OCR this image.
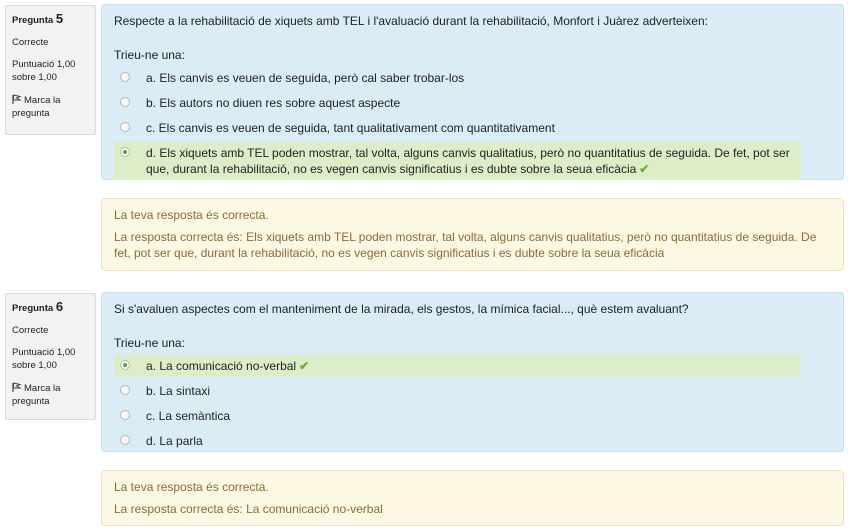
Pregunta 5
Correcte
Puntuació 1,00 sobre 1,00
Marca la pregunta
Respecte a la rehabilitació de xiquets amb TEL i l'avaluació durant la rehabilitació, Monfort i Juàrez adverteixen:
Trieu-ne una:
a. Els canvis es veuen de seguida, però cal saber trobar-los
b. Els autors no diuen res sobre aquest aspecte
c. Els canvis es veuen de seguida, tant qualitativament com quantitativament
d. Els xiquets amb TEL poden mostrar, tal volta, alguns canvis qualitatius, però no quantitatius de seguida. De fet, pot ser que, durant la rehabilitació, no es vegen canvis significatius i es dubte sobre la seua eficàcia ✔
La teva resposta és correcta.
La resposta correcta és: Els xiquets amb TEL poden mostrar, tal volta, alguns canvis qualitatius, però no quantitatius de seguida. De fet, pot ser que, durant la rehabilitació, no es vegen canvis significatius i es dubte sobre la seua eficàcia
Pregunta 6
Correcte
Puntuació 1,00 sobre 1,00
Marca la pregunta
Si s'avaluen aspectes com el manteniment de la mirada, els gestos, la mímica facial..., què estem avaluant?
Trieu-ne una:
a. La comunicació no-verbal ✔
b. La sintaxi
c. La semàntica
d. La parla
La teva resposta és correcta.
La resposta correcta és: La comunicació no-verbal
